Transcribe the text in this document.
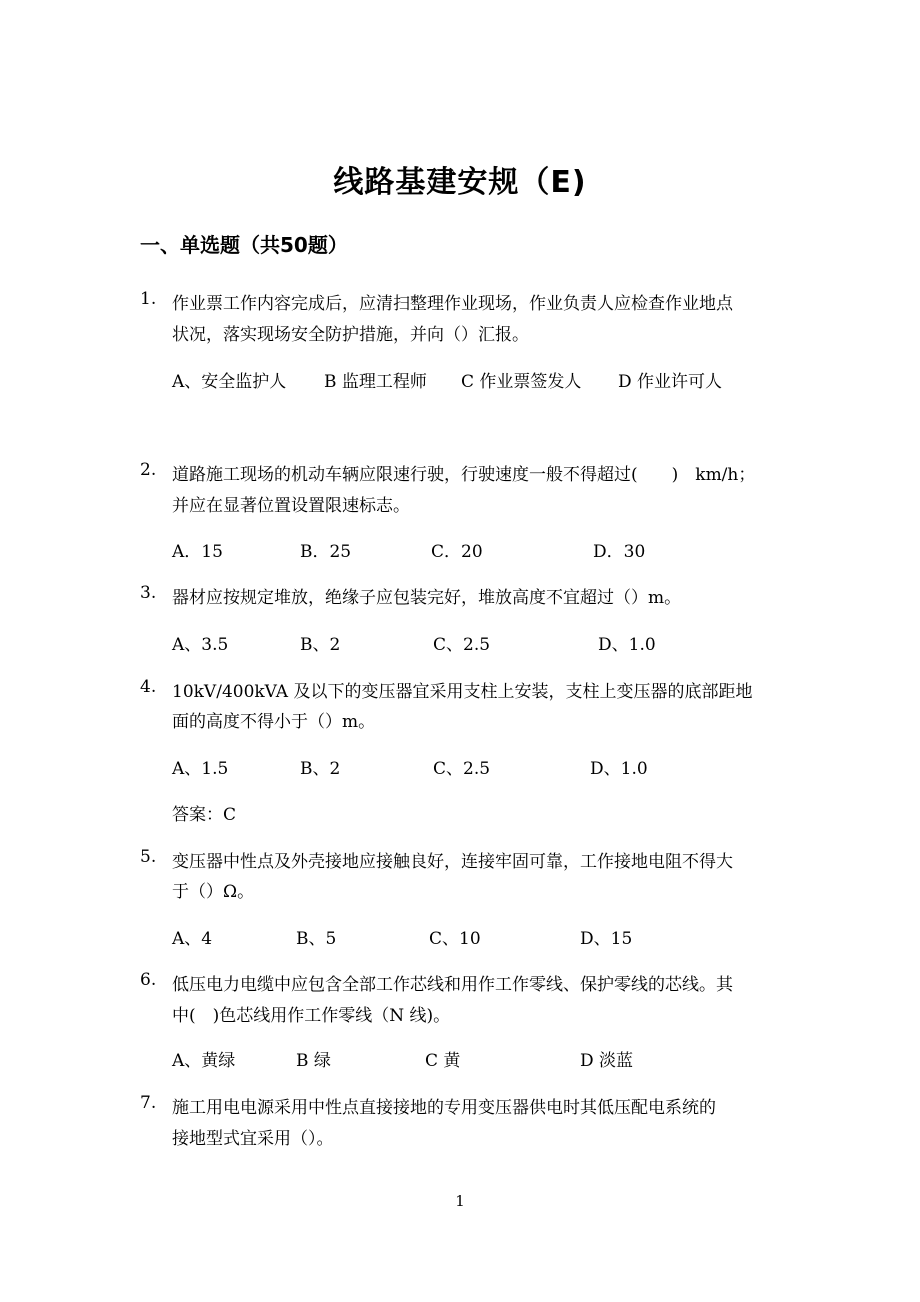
线路基建安规（E)
一、单选题（共50题）
1. 作业票工作内容完成后，应清扫整理作业现场，作业负责人应检查作业地点
状况，落实现场安全防护措施，并向（）汇报。
A、安全监护人 B 监理工程师 C 作业票签发人 D 作业许可人
2. 道路施工现场的机动车辆应限速行驶，行驶速度一般不得超过(　　)　km/h；
并应在显著位置设置限速标志。
A．15	B．25	C．20	D．30
3. 器材应按规定堆放，绝缘子应包装完好，堆放高度不宜超过（）m。
A、3.5	B、2	C、2.5	D、1.0
4. 10kV/400kVA 及以下的变压器宜采用支柱上安装，支柱上变压器的底部距地
面的高度不得小于（）m。
A、1.5	B、2	C、2.5	D、1.0
答案：C
5. 变压器中性点及外壳接地应接触良好，连接牢固可靠，工作接地电阻不得大
于（）Ω。
A、4	B、5	C、10	D、15
6. 低压电力电缆中应包含全部工作芯线和用作工作零线、保护零线的芯线。其
中(　)色芯线用作工作零线（N 线)。
A、黄绿	B 绿	C 黄	D 淡蓝
7. 施工用电电源采用中性点直接接地的专用变压器供电时其低压配电系统的
接地型式宜采用（）。
1
